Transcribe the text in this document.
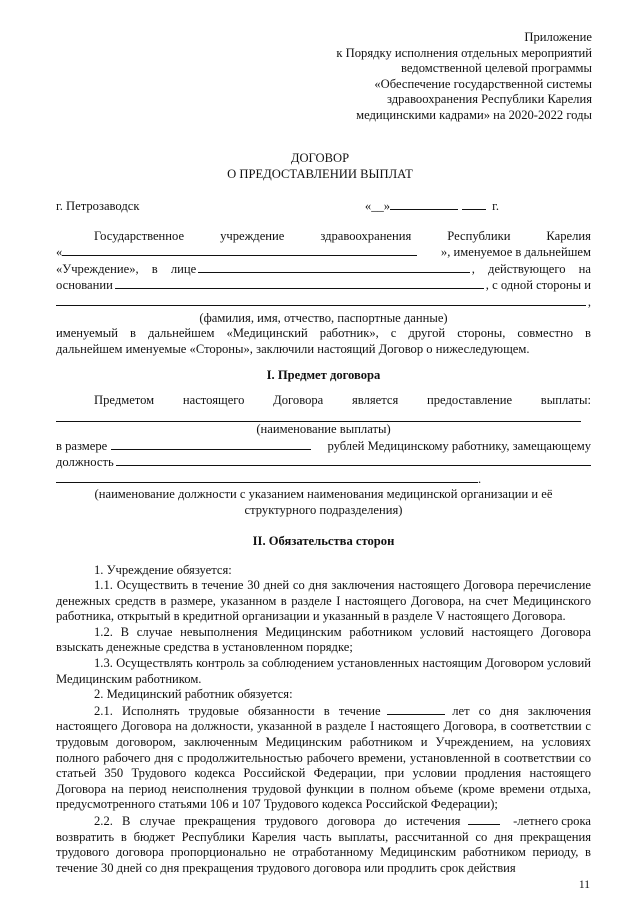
Приложение
к Порядку исполнения отдельных мероприятий
ведомственной целевой программы
«Обеспечение государственной системы
здравоохранения Республики Карелия
медицинскими кадрами» на 2020-2022 годы
ДОГОВОР
О ПРЕДОСТАВЛЕНИИ ВЫПЛАТ
г. Петрозаводск	«__»	г.
Государственное	учреждение	здравоохранения	Республики	Карелия
«	», именуемое в дальнейшем
«Учреждение», в лице	, действующего на
основании	, с одной стороны и
,
(фамилия, имя, отчество, паспортные данные)
именуемый в дальнейшем «Медицинский работник», с другой стороны, совместно в
дальнейшем именуемые «Стороны», заключили настоящий Договор о нижеследующем.
I. Предмет договора
Предметом настоящего Договора является предоставление выплаты:
(наименование выплаты)
в размере	рублей Медицинскому работнику, замещающему
должность
.
(наименование должности с указанием наименования медицинской организации и её
структурного подразделения)
II. Обязательства сторон
1. Учреждение обязуется:
1.1. Осуществить в течение 30 дней со дня заключения настоящего Договора перечисление денежных средств в размере, указанном в разделе I настоящего Договора, на счет Медицинского работника, открытый в кредитной организации и указанный в разделе V настоящего Договора.
1.2. В случае невыполнения Медицинским работником условий настоящего Договора взыскать денежные средства в установленном порядке;
1.3. Осуществлять контроль за соблюдением установленных настоящим Договором условий Медицинским работником.
2. Медицинский работник обязуется:
2.1. Исполнять трудовые обязанности в течение	лет со дня заключения
настоящего Договора на должности, указанной в разделе I настоящего Договора, в соответствии с трудовым договором, заключенным Медицинским работником и Учреждением, на условиях полного рабочего дня с продолжительностью рабочего времени, установленной в соответствии со статьей 350 Трудового кодекса Российской Федерации, при условии продления настоящего Договора на период неисполнения трудовой функции в полном объеме (кроме времени отдыха, предусмотренного статьями 106 и 107 Трудового кодекса Российской Федерации);
2.2. В случае прекращения трудового договора до истечения	-летнего срока
возвратить в бюджет Республики Карелия часть выплаты, рассчитанной со дня прекращения трудового договора пропорционально не отработанному Медицинским работником периоду, в течение 30 дней со дня прекращения трудового договора или продлить срок действия
11
